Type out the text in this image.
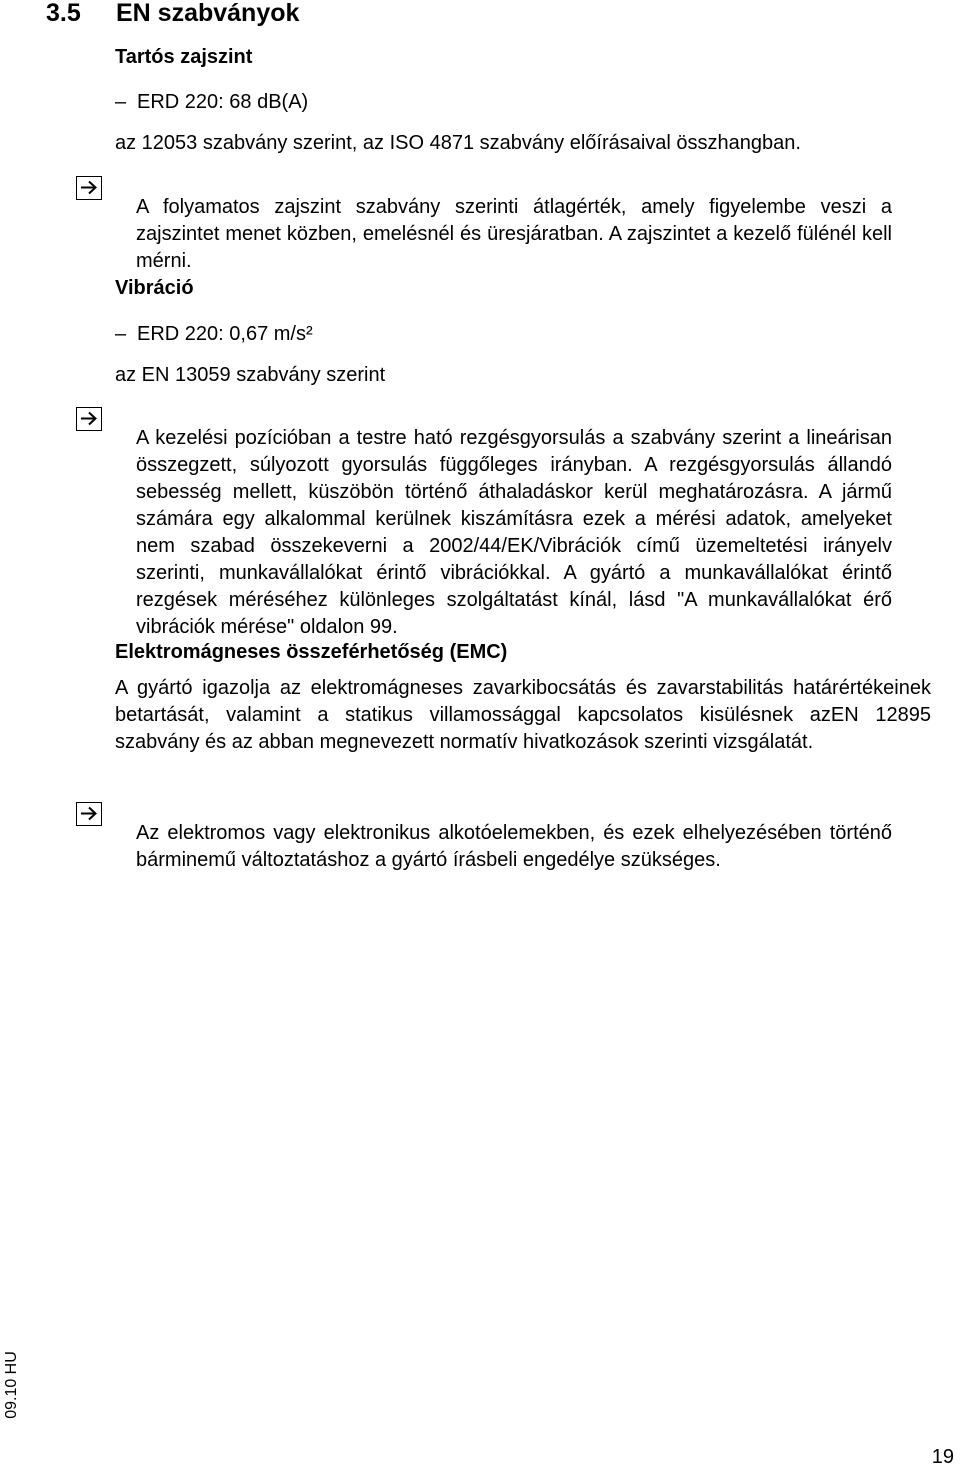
3.5 EN szabványok

Tartós zajszint

– ERD 220: 68 dB(A)

az 12053 szabvány szerint, az ISO 4871 szabvány előírásaival összhangban.

A folyamatos zajszint szabvány szerinti átlagérték, amely figyelembe veszi a zajszintet menet közben, emelésnél és üresjáratban. A zajszintet a kezelő fülénél kell mérni.

Vibráció

– ERD 220: 0,67 m/s²

az EN 13059 szabvány szerint

A kezelési pozícióban a testre ható rezgésgyorsulás a szabvány szerint a lineárisan összegzett, súlyozott gyorsulás függőleges irányban. A rezgésgyorsulás állandó sebesség mellett, küszöbön történő áthaladáskor kerül meghatározásra. A jármű számára egy alkalommal kerülnek kiszámításra ezek a mérési adatok, amelyeket nem szabad összekeverni a 2002/44/EK/Vibrációk című üzemeltetési irányelv szerinti, munkavállalókat érintő vibrációkkal. A gyártó a munkavállalókat érintő rezgések méréséhez különleges szolgáltatást kínál, lásd "A munkavállalókat érő vibrációk mérése" oldalon 99.

Elektromágneses összeférhetőség (EMC)

A gyártó igazolja az elektromágneses zavarkibocsátás és zavarstabilitás határértékeinek betartását, valamint a statikus villamossággal kapcsolatos kisülésnek azEN 12895 szabvány és az abban megnevezett normatív hivatkozások szerinti vizsgálatát.

Az elektromos vagy elektronikus alkotóelemekben, és ezek elhelyezésében történő bárminemű változtatáshoz a gyártó írásbeli engedélye szükséges.

09.10 HU
19
